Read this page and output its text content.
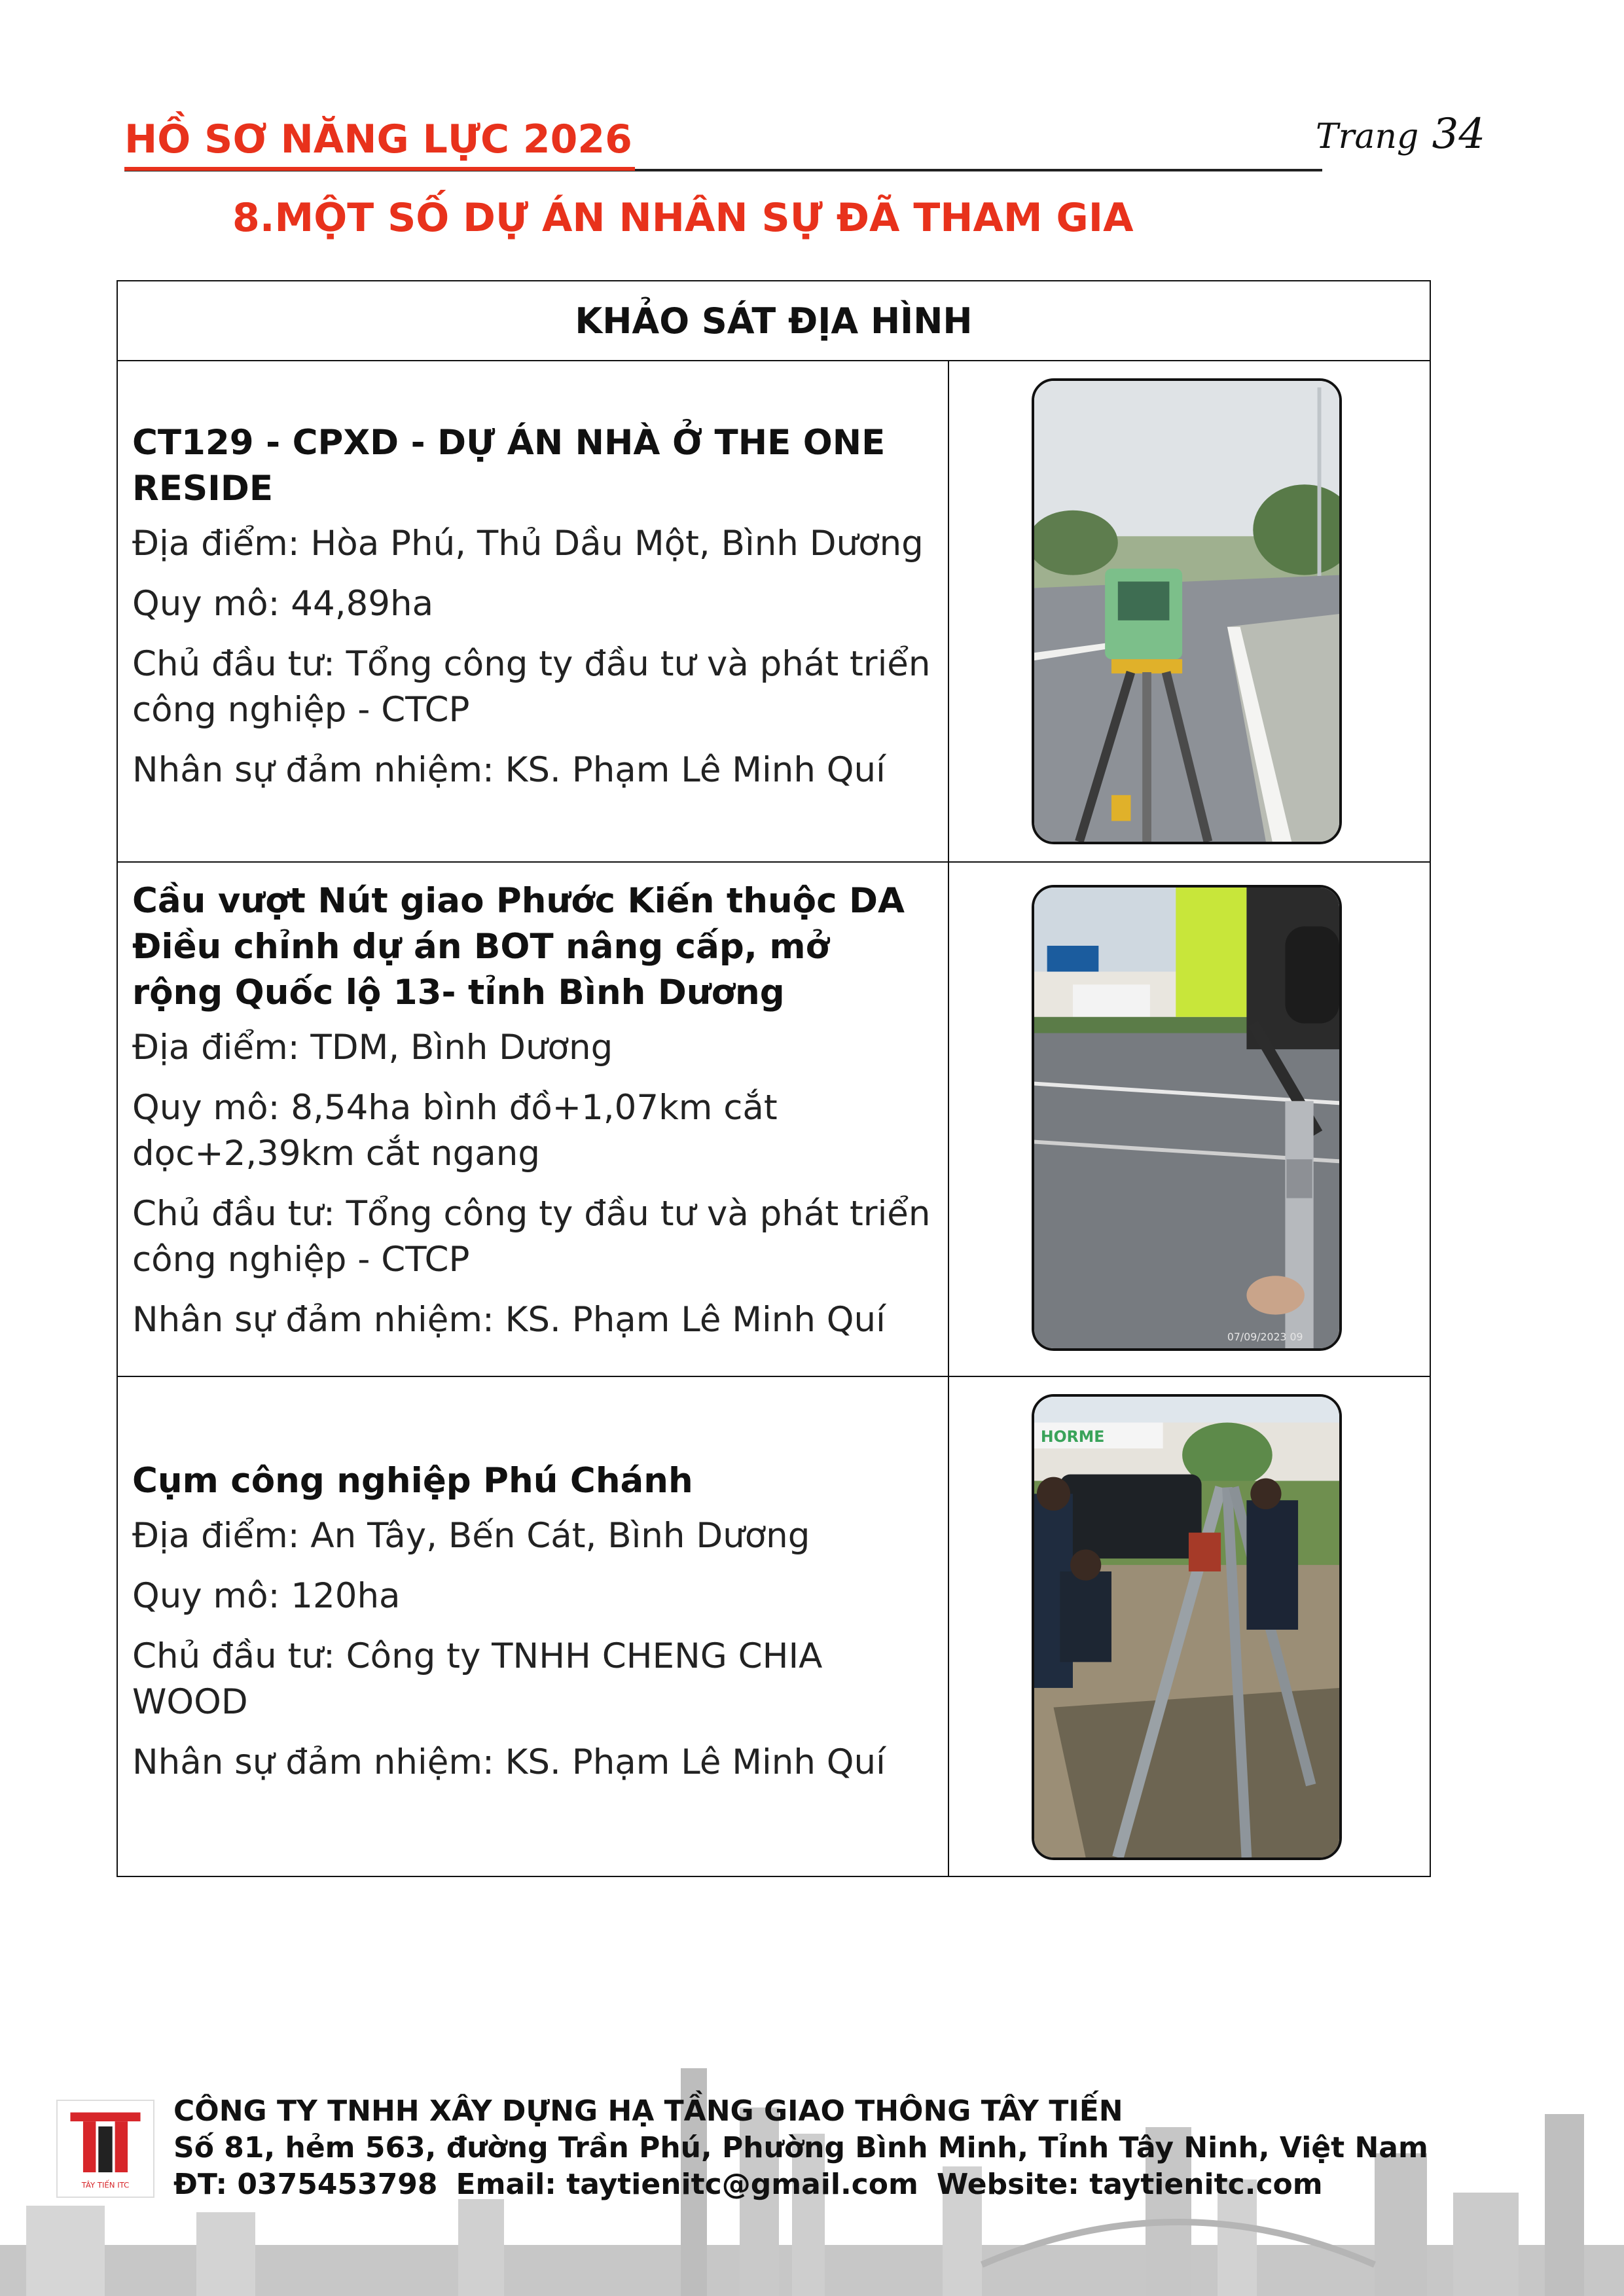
HỒ SƠ NĂNG LỰC 2026	Trang 34
8.MỘT SỐ DỰ ÁN NHÂN SỰ ĐÃ THAM GIA
KHẢO SÁT ĐỊA HÌNH

CT129 - CPXD - DỰ ÁN NHÀ Ở THE ONE RESIDE

Địa điểm: Hòa Phú, Thủ Dầu Một, Bình Dương

Quy mô: 44,89ha

Chủ đầu tư: Tổng công ty đầu tư và phát triển công nghiệp - CTCP

Nhân sự đảm nhiệm: KS. Phạm Lê Minh Quí

Cầu vượt Nút giao Phước Kiến thuộc DA Điều chỉnh dự án BOT nâng cấp, mở rộng Quốc lộ 13- tỉnh Bình Dương

Địa điểm: TDM, Bình Dương

Quy mô: 8,54ha bình đồ+1,07km cắt dọc+2,39km cắt ngang

Chủ đầu tư: Tổng công ty đầu tư và phát triển công nghiệp - CTCP

Nhân sự đảm nhiệm: KS. Phạm Lê Minh Quí	07/09/2023 09

Cụm công nghiệp Phú Chánh

Địa điểm: An Tây, Bến Cát, Bình Dương

Quy mô: 120ha

Chủ đầu tư: Công ty TNHH CHENG CHIA WOOD

Nhân sự đảm nhiệm: KS. Phạm Lê Minh Quí

HORME
TÂY TIẾN ITC
CÔNG TY TNHH XÂY DỰNG HẠ TẦNG GIAO THÔNG TÂY TIẾN
Số 81, hẻm 563, đường Trần Phú, Phường Bình Minh, Tỉnh Tây Ninh, Việt Nam
ĐT: 0375453798 Email: taytienitc@gmail.com Website: taytienitc.com
